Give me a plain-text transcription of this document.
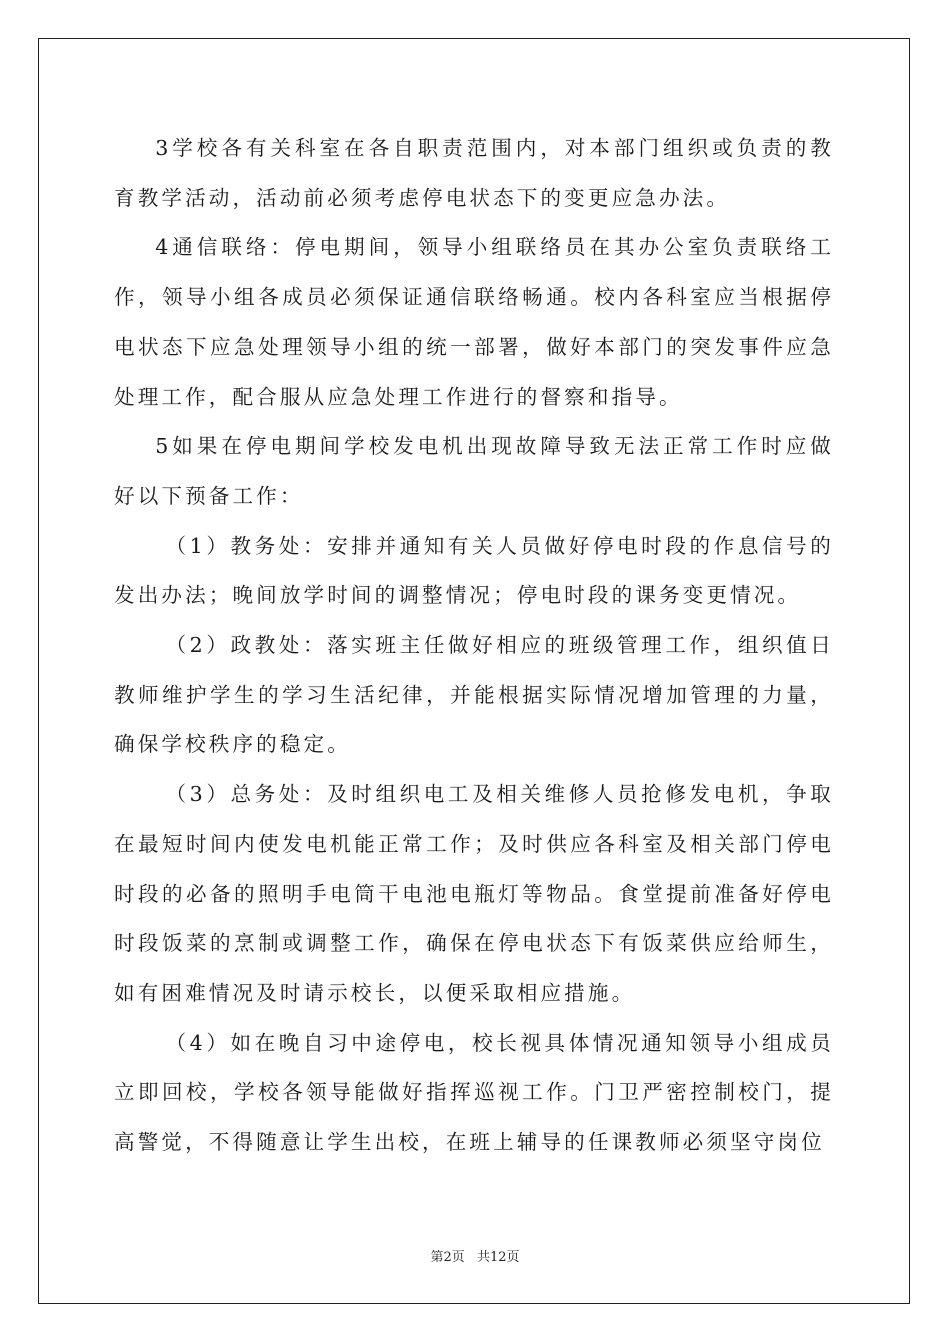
3学校各有关科室在各自职责范围内，对本部门组织或负责的教育教学活动，活动前必须考虑停电状态下的变更应急办法。

4通信联络：停电期间，领导小组联络员在其办公室负责联络工作，领导小组各成员必须保证通信联络畅通。校内各科室应当根据停电状态下应急处理领导小组的统一部署，做好本部门的突发事件应急处理工作，配合服从应急处理工作进行的督察和指导。

5如果在停电期间学校发电机出现故障导致无法正常工作时应做好以下预备工作：

（1）教务处：安排并通知有关人员做好停电时段的作息信号的发出办法；晚间放学时间的调整情况；停电时段的课务变更情况。

（2）政教处：落实班主任做好相应的班级管理工作，组织值日教师维护学生的学习生活纪律，并能根据实际情况增加管理的力量，确保学校秩序的稳定。

（3）总务处：及时组织电工及相关维修人员抢修发电机，争取在最短时间内使发电机能正常工作；及时供应各科室及相关部门停电时段的必备的照明手电筒干电池电瓶灯等物品。食堂提前准备好停电时段饭菜的烹制或调整工作，确保在停电状态下有饭菜供应给师生，如有困难情况及时请示校长，以便采取相应措施。

（4）如在晚自习中途停电，校长视具体情况通知领导小组成员立即回校，学校各领导能做好指挥巡视工作。门卫严密控制校门，提高警觉，不得随意让学生出校，在班上辅导的任课教师必须坚守岗位

第2页 共12页
